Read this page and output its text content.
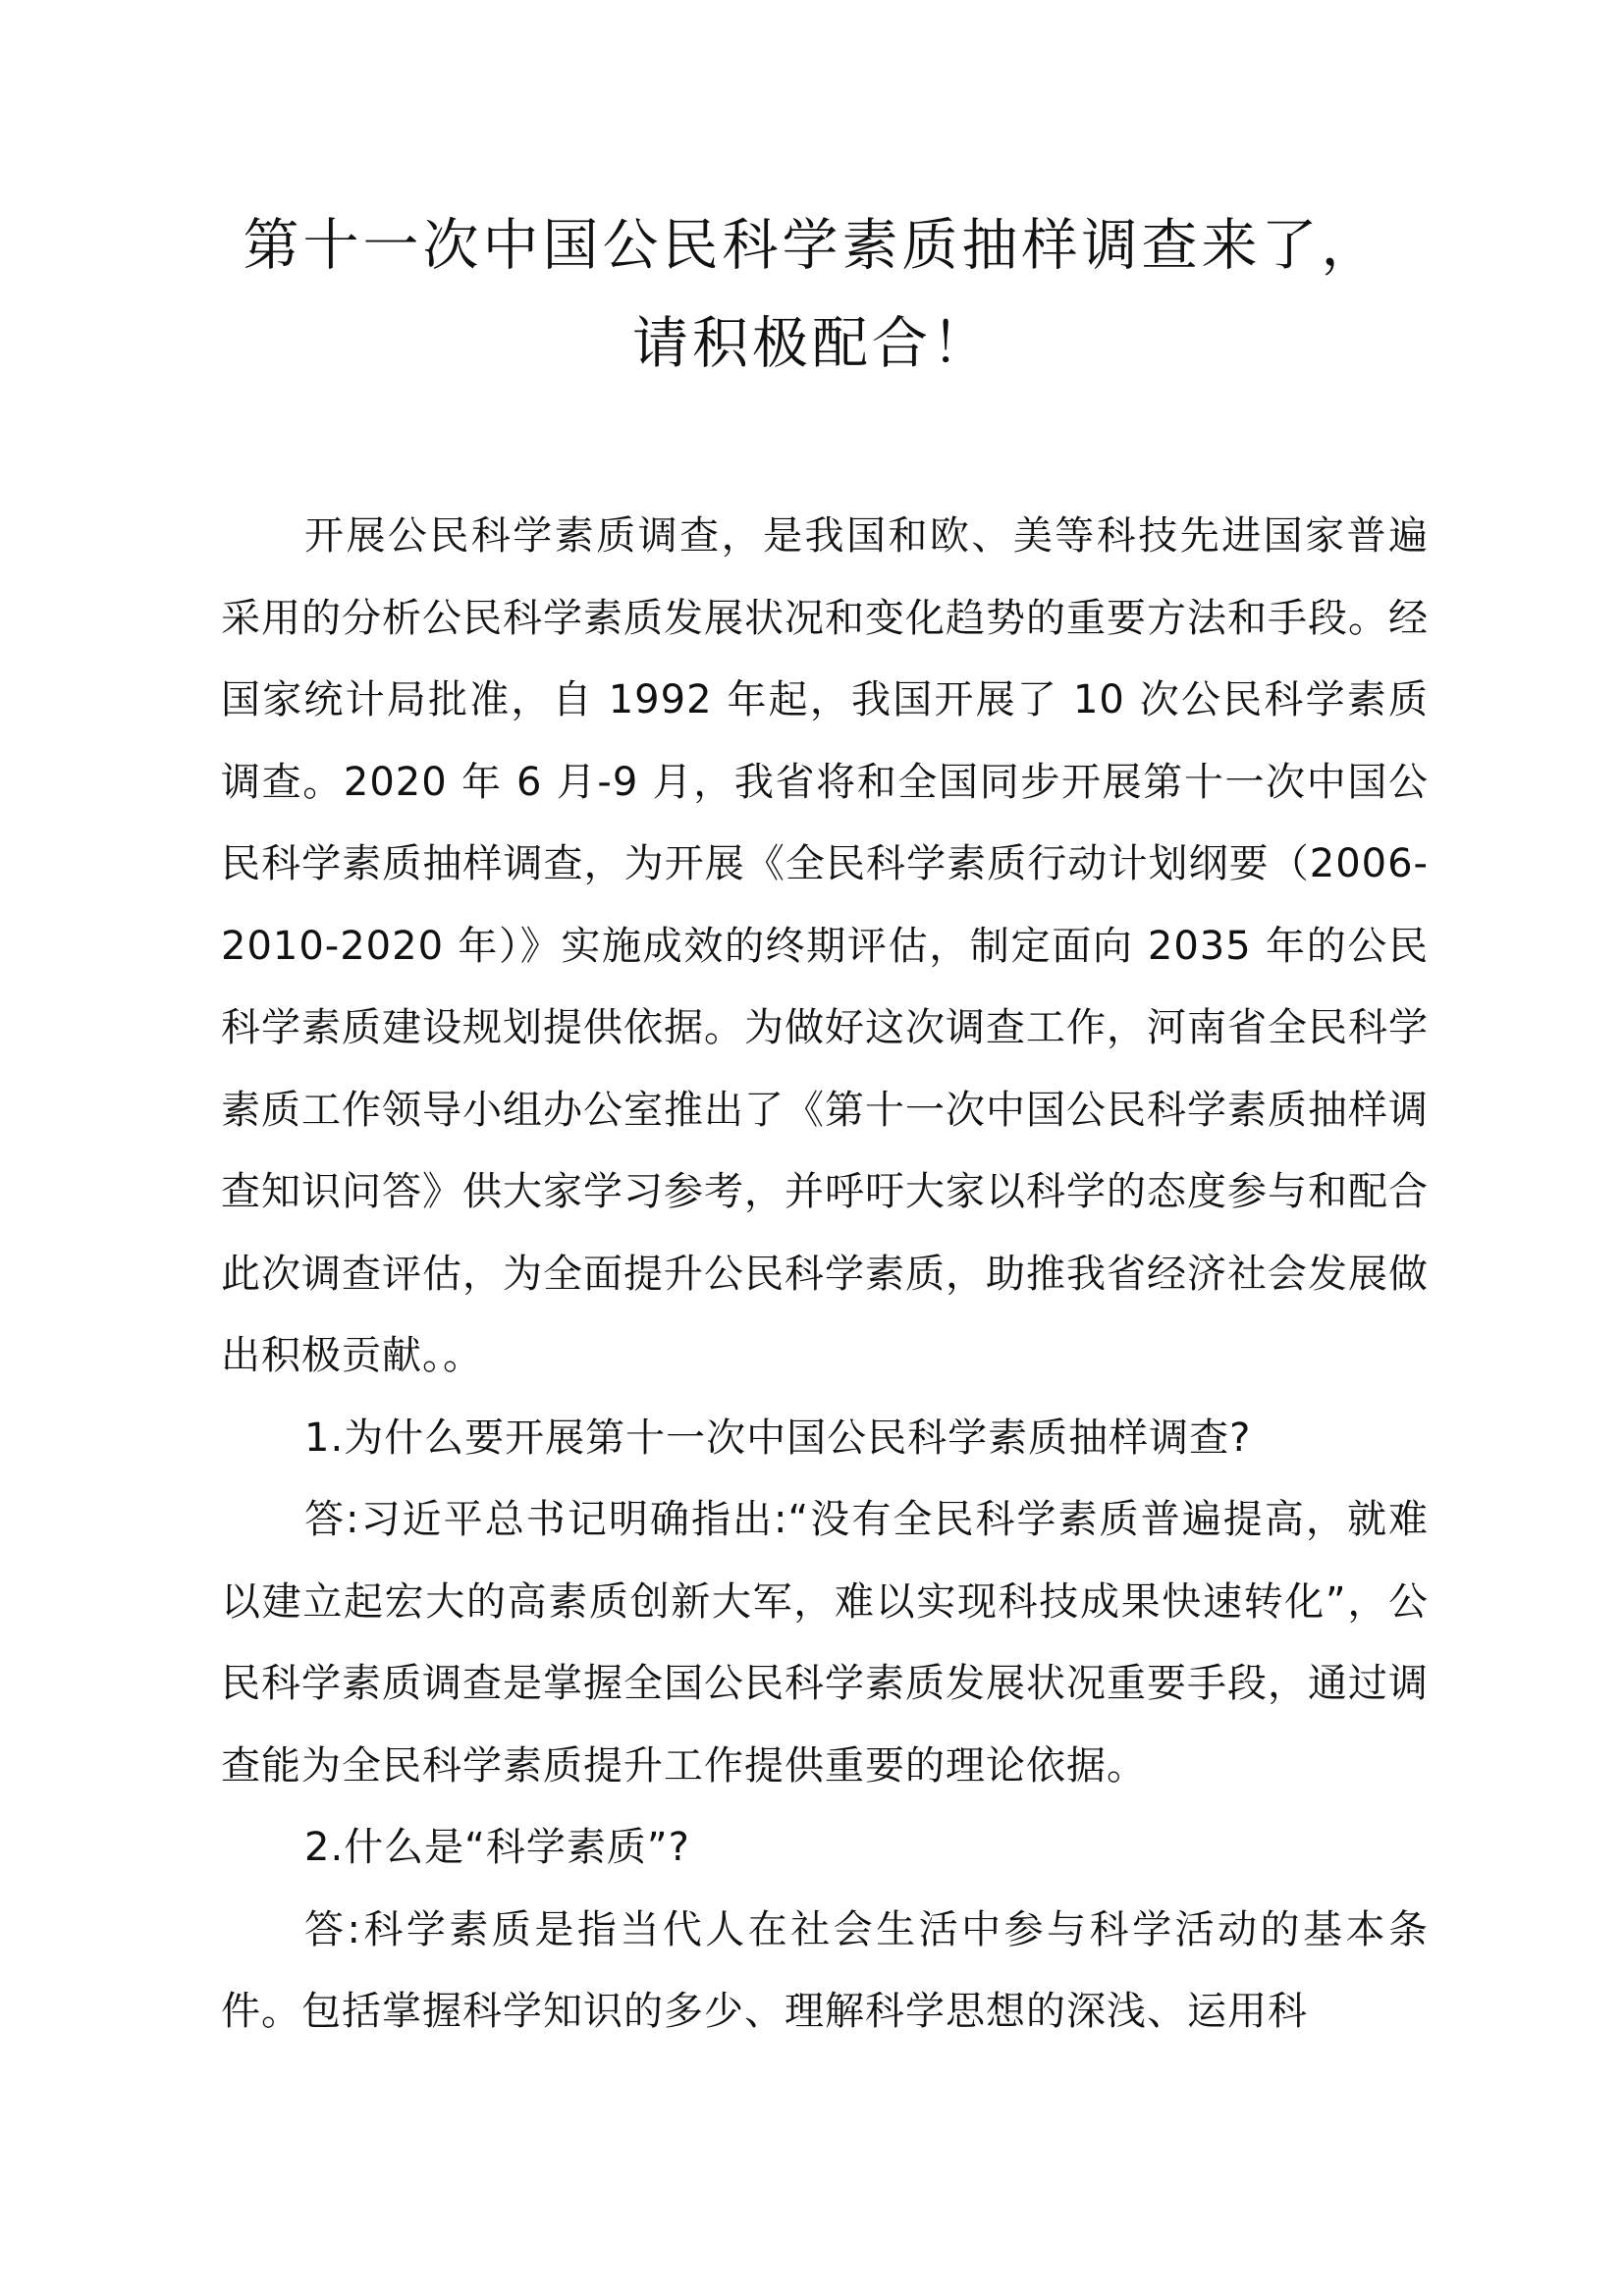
第十一次中国公民科学素质抽样调查来了，

请积极配合！

开展公民科学素质调查，是我国和欧、美等科技先进国家普遍采用的分析公民科学素质发展状况和变化趋势的重要方法和手段。经国家统计局批准，自 1992 年起，我国开展了 10 次公民科学素质调查。2020 年 6 月-9 月，我省将和全国同步开展第十一次中国公民科学素质抽样调查，为开展《全民科学素质行动计划纲要（2006-2010-2020 年）》实施成效的终期评估，制定面向 2035 年的公民科学素质建设规划提供依据。为做好这次调查工作，河南省全民科学素质工作领导小组办公室推出了《第十一次中国公民科学素质抽样调查知识问答》供大家学习参考，并呼吁大家以科学的态度参与和配合此次调查评估，为全面提升公民科学素质，助推我省经济社会发展做出积极贡献。。

1.为什么要开展第十一次中国公民科学素质抽样调查?

答:习近平总书记明确指出:“没有全民科学素质普遍提高，就难以建立起宏大的高素质创新大军，难以实现科技成果快速转化”，公民科学素质调查是掌握全国公民科学素质发展状况重要手段，通过调查能为全民科学素质提升工作提供重要的理论依据。

2.什么是“科学素质”?

答:科学素质是指当代人在社会生活中参与科学活动的基本条件。包括掌握科学知识的多少、理解科学思想的深浅、运用科
